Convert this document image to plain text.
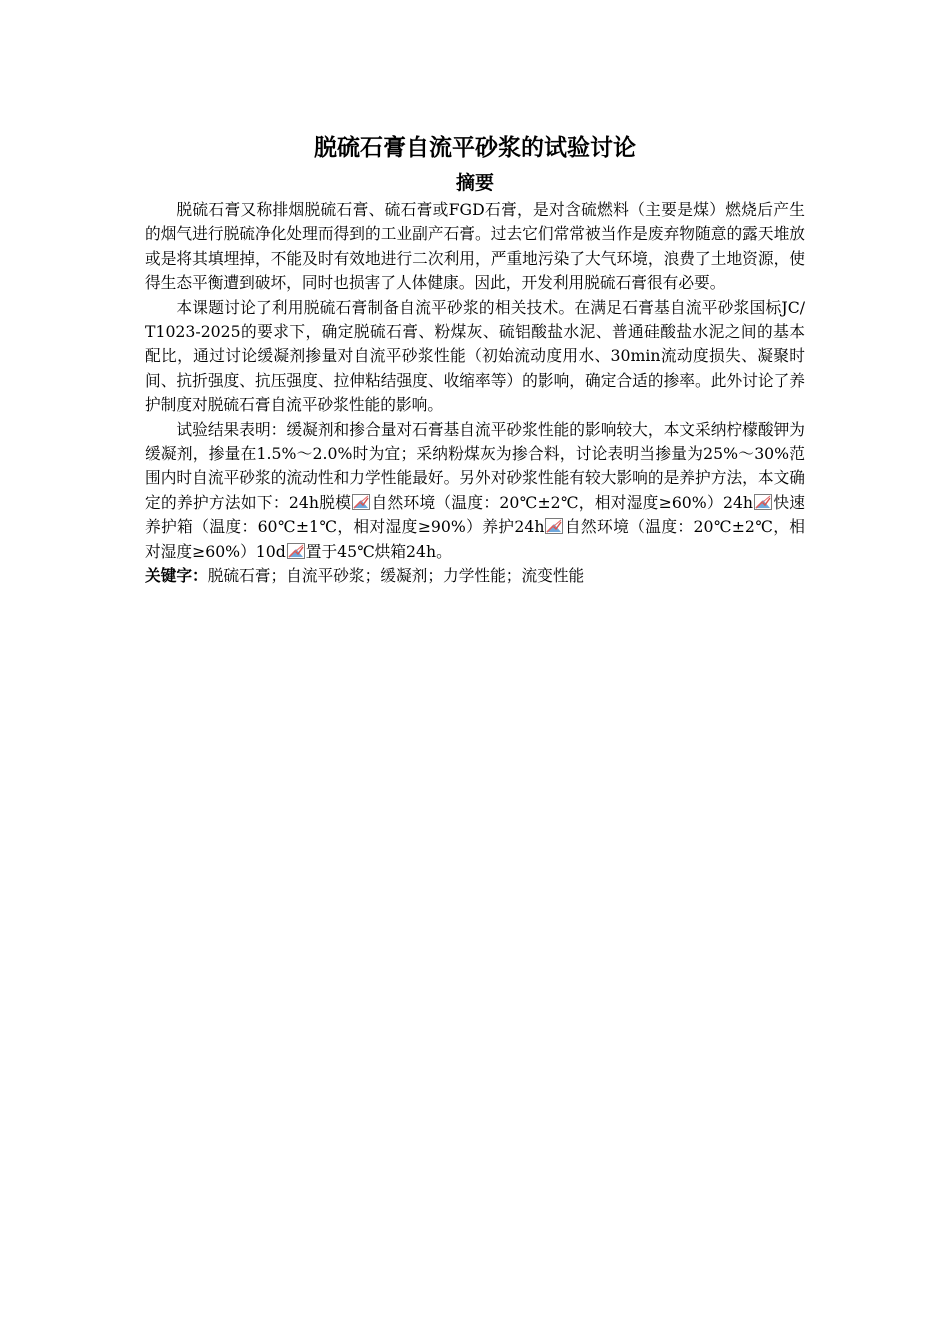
脱硫石膏自流平砂浆的试验讨论
摘要

脱硫石膏又称排烟脱硫石膏、硫石膏或FGD石膏，是对含硫燃料（主要是煤）燃烧后产生的烟气进行脱硫净化处理而得到的工业副产石膏。过去它们常常被当作是废弃物随意的露天堆放或是将其填埋掉，不能及时有效地进行二次利用，严重地污染了大气环境，浪费了土地资源，使得生态平衡遭到破坏，同时也损害了人体健康。因此，开发利用脱硫石膏很有必要。

本课题讨论了利用脱硫石膏制备自流平砂浆的相关技术。在满足石膏基自流平砂浆国标JC/T1023-2025的要求下，确定脱硫石膏、粉煤灰、硫铝酸盐水泥、普通硅酸盐水泥之间的基本配比，通过讨论缓凝剂掺量对自流平砂浆性能（初始流动度用水、30min流动度损失、凝聚时间、抗折强度、抗压强度、拉伸粘结强度、收缩率等）的影响，确定合适的掺率。此外讨论了养护制度对脱硫石膏自流平砂浆性能的影响。

试验结果表明：缓凝剂和掺合量对石膏基自流平砂浆性能的影响较大，本文采纳柠檬酸钾为缓凝剂，掺量在1.5%～2.0%时为宜；采纳粉煤灰为掺合料，讨论表明当掺量为25%～30%范围内时自流平砂浆的流动性和力学性能最好。另外对砂浆性能有较大影响的是养护方法，本文确定的养护方法如下：24h脱模 自然环境（温度：20℃±2℃，相对湿度≥60%）24h 快速养护箱（温度：60℃±1℃，相对湿度≥90%）养护24h 自然环境（温度：20℃±2℃，相对湿度≥60%）10d 置于45℃烘箱24h。

关键字：脱硫石膏；自流平砂浆；缓凝剂；力学性能；流变性能
